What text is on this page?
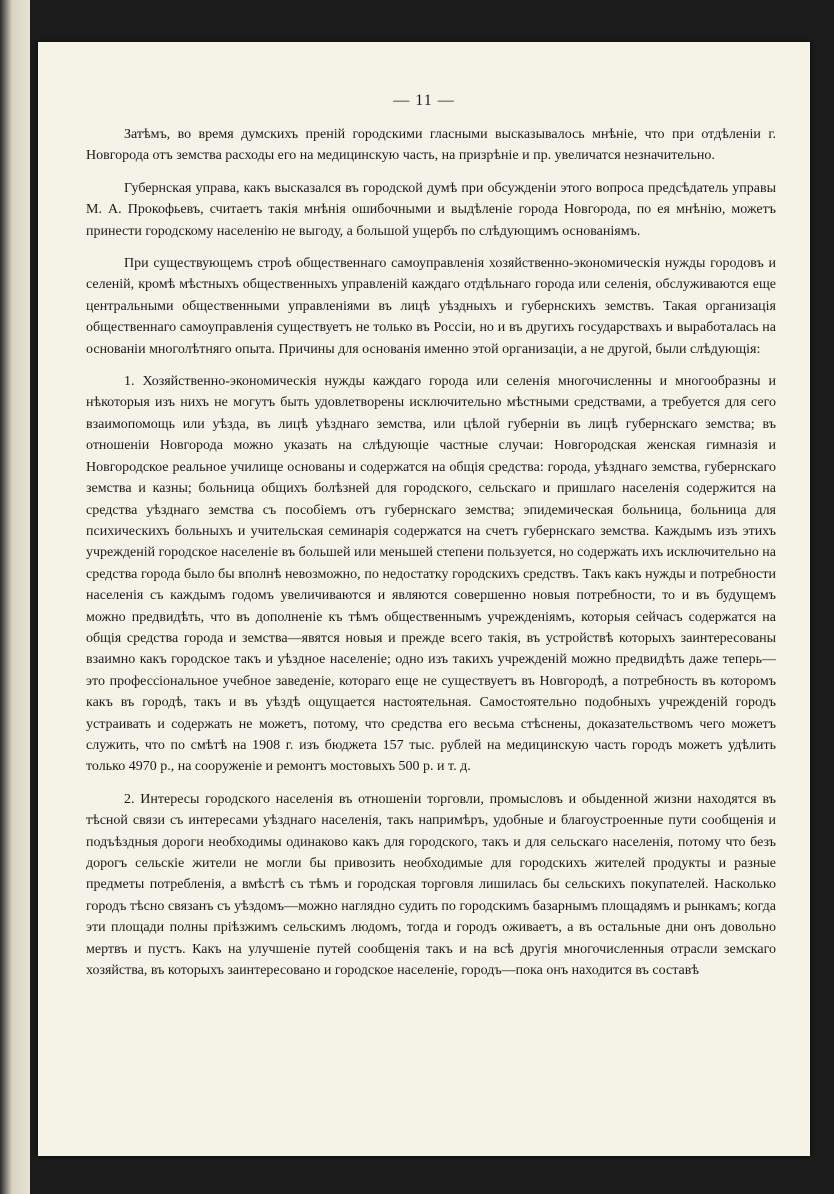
— 11 —

Затѣмъ, во время думскихъ преній городскими гласными высказывалось мнѣніе, что при отдѣленіи г. Новгорода отъ земства расходы его на медицинскую часть, на призрѣніе и пр. увеличатся незначительно.

Губернская управа, какъ высказался въ городской думѣ при обсужденіи этого вопроса предсѣдатель управы М. А. Прокофьевъ, считаетъ такія мнѣнія ошибочными и выдѣленіе города Новгорода, по ея мнѣнію, можетъ принести городскому населенію не выгоду, а большой ущербъ по слѣдующимъ основаніямъ.

При существующемъ строѣ общественнаго самоуправленія хозяйственно-экономическія нужды городовъ и селеній, кромѣ мѣстныхъ общественныхъ управленій каждаго отдѣльнаго города или селенія, обслуживаются еще центральными общественными управленіями въ лицѣ уѣздныхъ и губернскихъ земствъ. Такая организація общественнаго самоуправленія существуетъ не только въ Россіи, но и въ другихъ государствахъ и выработалась на основаніи многолѣтняго опыта. Причины для основанія именно этой организаціи, а не другой, были слѣдующія:

1. Хозяйственно-экономическія нужды каждаго города или селенія многочисленны и многообразны и нѣкоторыя изъ нихъ не могутъ быть удовлетворены исключительно мѣстными средствами, а требуется для сего взаимопомощь или уѣзда, въ лицѣ уѣзднаго земства, или цѣлой губерніи въ лицѣ губернскаго земства; въ отношеніи Новгорода можно указать на слѣдующіе частные случаи: Новгородская женская гимназія и Новгородское реальное училище основаны и содержатся на общія средства: города, уѣзднаго земства, губернскаго земства и казны; больница общихъ болѣзней для городского, сельскаго и пришлаго населенія содержится на средства уѣзднаго земства съ пособіемъ отъ губернскаго земства; эпидемическая больница, больница для психическихъ больныхъ и учительская семинарія содержатся на счетъ губернскаго земства. Каждымъ изъ этихъ учрежденій городское населеніе въ большей или меньшей степени пользуется, но содержать ихъ исключительно на средства города было бы вполнѣ невозможно, по недостатку городскихъ средствъ. Такъ какъ нужды и потребности населенія съ каждымъ годомъ увеличиваются и являются совершенно новыя потребности, то и въ будущемъ можно предвидѣть, что въ дополненіе къ тѣмъ общественнымъ учрежденіямъ, которыя сейчасъ содержатся на общія средства города и земства—явятся новыя и прежде всего такія, въ устройствѣ которыхъ заинтересованы взаимно какъ городское такъ и уѣздное населеніе; одно изъ такихъ учрежденій можно предвидѣть даже теперь—это профессіональное учебное заведеніе, котораго еще не существуетъ въ Новгородѣ, а потребность въ которомъ какъ въ городѣ, такъ и въ уѣздѣ ощущается настоятельная. Самостоятельно подобныхъ учрежденій городъ устраивать и содержать не можетъ, потому, что средства его весьма стѣснены, доказательствомъ чего можетъ служить, что по смѣтѣ на 1908 г. изъ бюджета 157 тыс. рублей на медицинскую часть городъ можетъ удѣлить только 4970 р., на сооруженіе и ремонтъ мостовыхъ 500 р. и т. д.

2. Интересы городского населенія въ отношеніи торговли, промысловъ и обыденной жизни находятся въ тѣсной связи съ интересами уѣзднаго населенія, такъ напримѣръ, удобные и благоустроенные пути сообщенія и подъѣздныя дороги необходимы одинаково какъ для городского, такъ и для сельскаго населенія, потому что безъ дорогъ сельскіе жители не могли бы привозить необходимые для городскихъ жителей продукты и разные предметы потребленія, а вмѣстѣ съ тѣмъ и городская торговля лишилась бы сельскихъ покупателей. Насколько городъ тѣсно связанъ съ уѣздомъ—можно наглядно судить по городскимъ базарнымъ площадямъ и рынкамъ; когда эти площади полны пріѣзжимъ сельскимъ людомъ, тогда и городъ оживаетъ, а въ остальные дни онъ довольно мертвъ и пустъ. Какъ на улучшеніе путей сообщенія такъ и на всѣ другія многочисленныя отрасли земскаго хозяйства, въ которыхъ заинтересовано и городское населеніе, городъ—пока онъ находится въ составѣ
